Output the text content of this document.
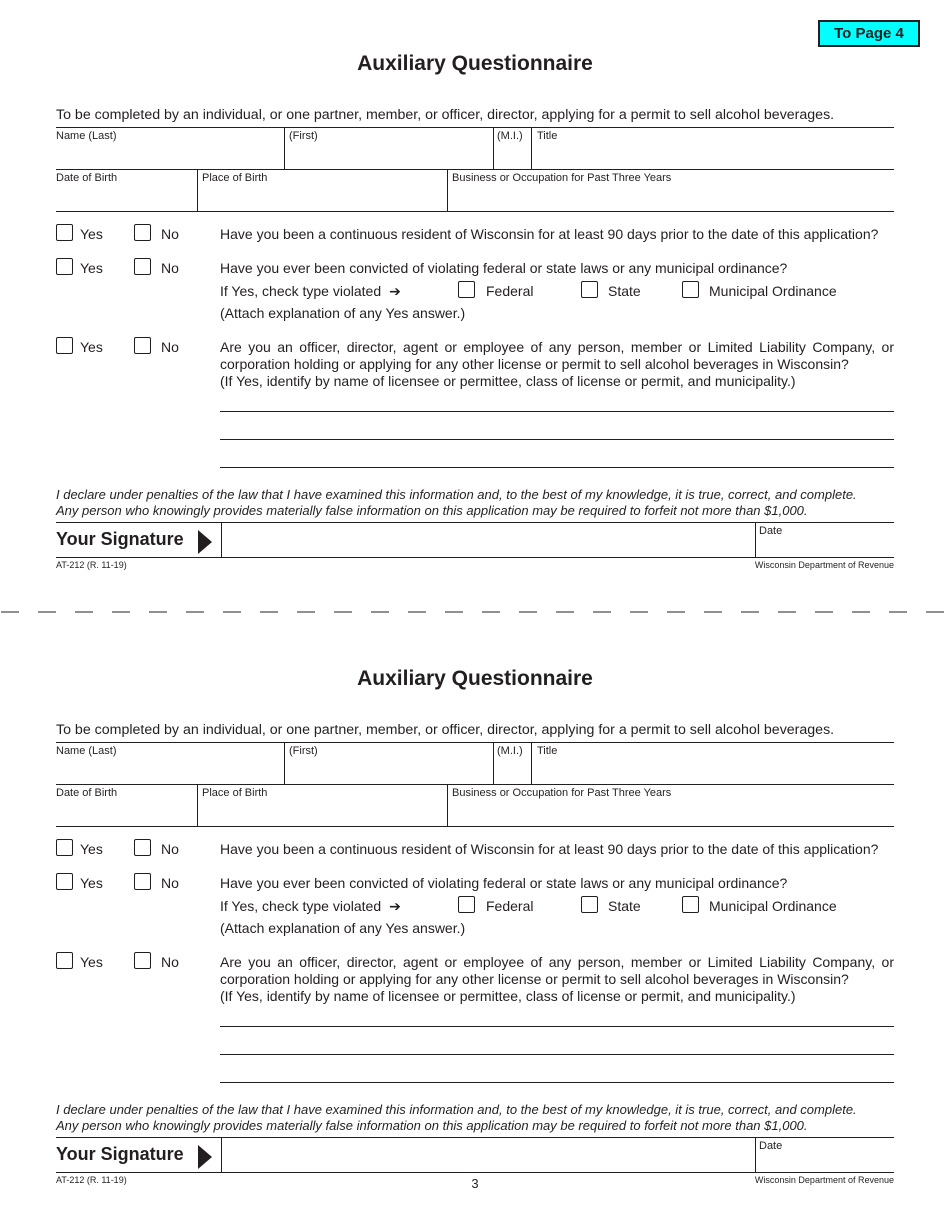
To Page 4
Auxiliary Questionnaire
To be completed by an individual, or one partner, member, or officer, director, applying for a permit to sell alcohol beverages.
Name (Last)	(First)	(M.I.) Title
Date of Birth	Place of Birth	Business or Occupation for Past Three Years
Yes	No	Have you been a continuous resident of Wisconsin for at least 90 days prior to the date of this application?
Yes	No	Have you ever been convicted of violating federal or state laws or any municipal ordinance?
If Yes, check type violated ➔	Federal	State	Municipal Ordinance
(Attach explanation of any Yes answer.)
Yes	No	Are you an officer, director, agent or employee of any person, member or Limited Liability Company, or
corporation holding or applying for any other license or permit to sell alcohol beverages in Wisconsin?
(If Yes, identify by name of licensee or permittee, class of license or permit, and municipality.)
I declare under penalties of the law that I have examined this information and, to the best of my knowledge, it is true, correct, and complete.
Any person who knowingly provides materially false information on this application may be required to forfeit not more than $1,000.
Your Signature	Date
AT-212 (R. 11-19)	Wisconsin Department of Revenue
Auxiliary Questionnaire
To be completed by an individual, or one partner, member, or officer, director, applying for a permit to sell alcohol beverages.
Name (Last)	(First)	(M.I.) Title
Date of Birth	Place of Birth	Business or Occupation for Past Three Years
Yes	No	Have you been a continuous resident of Wisconsin for at least 90 days prior to the date of this application?
Yes	No	Have you ever been convicted of violating federal or state laws or any municipal ordinance?
If Yes, check type violated ➔	Federal	State	Municipal Ordinance
(Attach explanation of any Yes answer.)
Yes	No	Are you an officer, director, agent or employee of any person, member or Limited Liability Company, or
corporation holding or applying for any other license or permit to sell alcohol beverages in Wisconsin?
(If Yes, identify by name of licensee or permittee, class of license or permit, and municipality.)
I declare under penalties of the law that I have examined this information and, to the best of my knowledge, it is true, correct, and complete.
Any person who knowingly provides materially false information on this application may be required to forfeit not more than $1,000.
Your Signature	Date
AT-212 (R. 11-19)	Wisconsin Department of Revenue
3
